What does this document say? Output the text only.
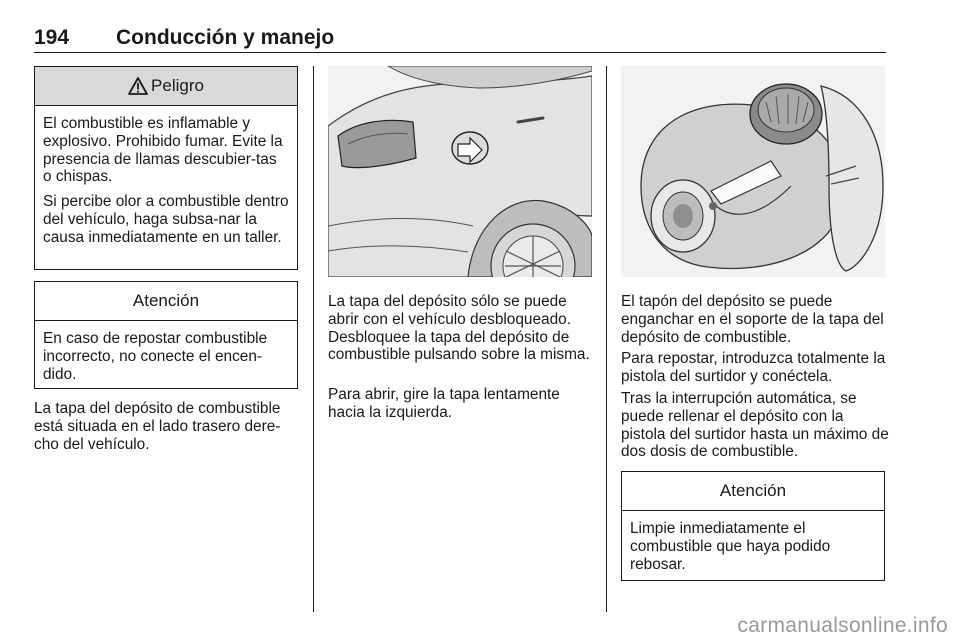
194 Conducción y manejo
Peligro

El combustible es inflamable y explosivo. Prohibido fumar. Evite la presencia de llamas descubier-tas o chispas.

Si percibe olor a combustible dentro del vehículo, haga subsa-nar la causa inmediatamente en un taller.

Atención

En caso de repostar combustible incorrecto, no conecte el encen-dido.

La tapa del depósito de combustible está situada en el lado trasero dere-cho del vehículo.

La tapa del depósito sólo se puede abrir con el vehículo desbloqueado. Desbloquee la tapa del depósito de combustible pulsando sobre la misma.

Para abrir, gire la tapa lentamente hacia la izquierda.

El tapón del depósito se puede enganchar en el soporte de la tapa del depósito de combustible.

Para repostar, introduzca totalmente la pistola del surtidor y conéctela.

Tras la interrupción automática, se puede rellenar el depósito con la pistola del surtidor hasta un máximo de dos dosis de combustible.

Atención

Limpie inmediatamente el combustible que haya podido rebosar.

carmanualsonline.info
